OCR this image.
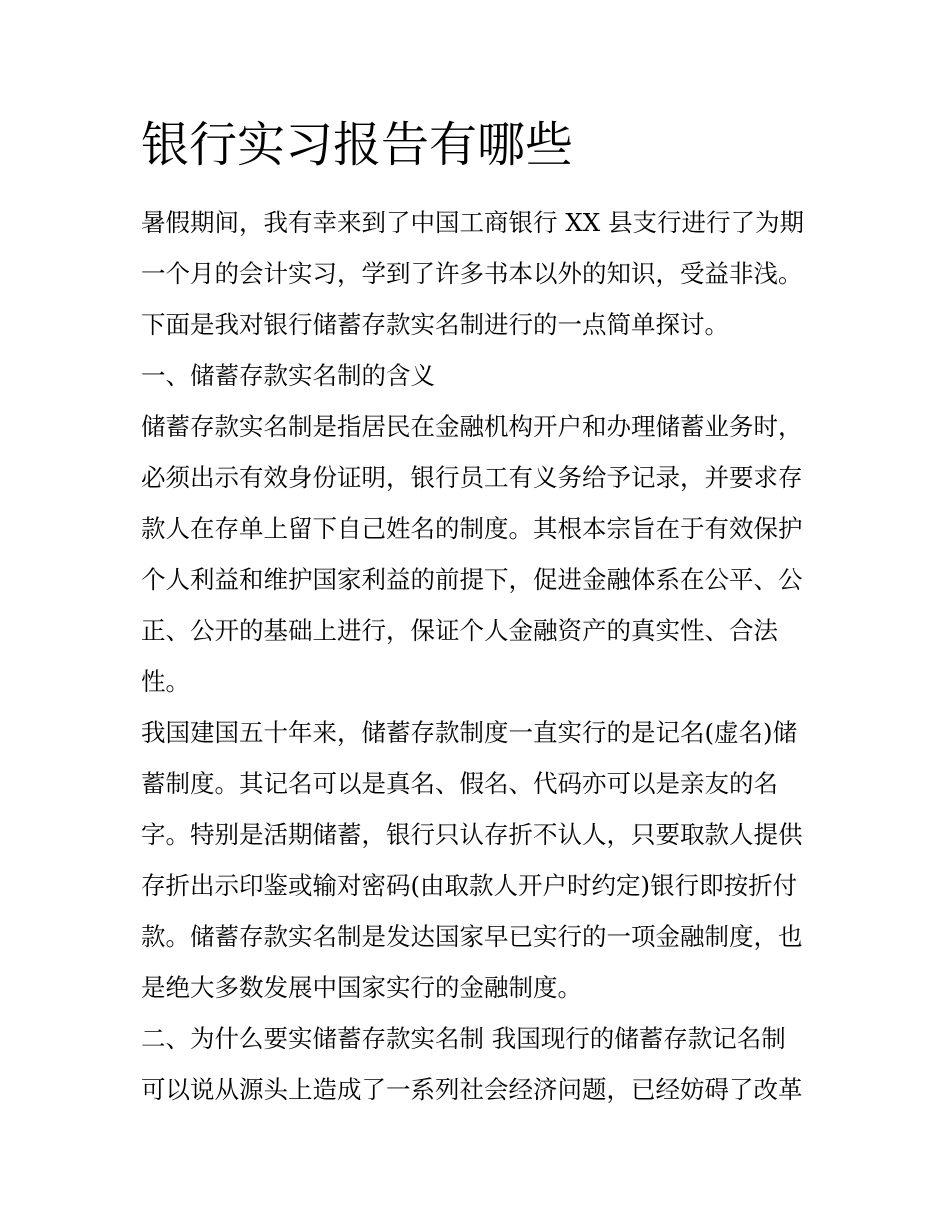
银行实习报告有哪些
暑假期间，我有幸来到了中国工商银行 XX 县支行进行了为期
一个月的会计实习，学到了许多书本以外的知识，受益非浅。
下面是我对银行储蓄存款实名制进行的一点简单探讨。
一、储蓄存款实名制的含义
储蓄存款实名制是指居民在金融机构开户和办理储蓄业务时，
必须出示有效身份证明，银行员工有义务给予记录，并要求存
款人在存单上留下自己姓名的制度。其根本宗旨在于有效保护
个人利益和维护国家利益的前提下，促进金融体系在公平、公
正、公开的基础上进行，保证个人金融资产的真实性、合法
性。
我国建国五十年来，储蓄存款制度一直实行的是记名(虚名)储
蓄制度。其记名可以是真名、假名、代码亦可以是亲友的名
字。特别是活期储蓄，银行只认存折不认人，只要取款人提供
存折出示印鉴或输对密码(由取款人开户时约定)银行即按折付
款。储蓄存款实名制是发达国家早已实行的一项金融制度，也
是绝大多数发展中国家实行的金融制度。
二、为什么要实储蓄存款实名制 我国现行的储蓄存款记名制
可以说从源头上造成了一系列社会经济问题，已经妨碍了改革
